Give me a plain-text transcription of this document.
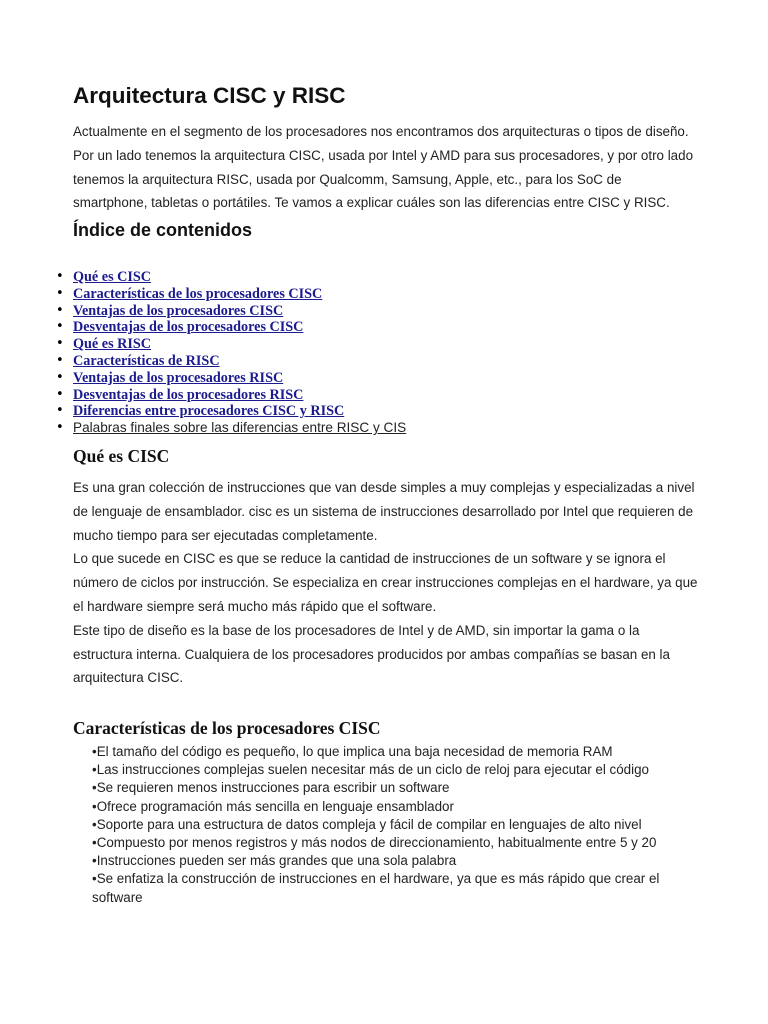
Arquitectura CISC y RISC

Actualmente en el segmento de los procesadores nos encontramos dos arquitecturas o tipos de diseño. Por un lado tenemos la arquitectura CISC, usada por Intel y AMD para sus procesadores, y por otro lado tenemos la arquitectura RISC, usada por Qualcomm, Samsung, Apple, etc., para los SoC de smartphone, tabletas o portátiles. Te vamos a explicar cuáles son las diferencias entre CISC y RISC.

Índice de contenidos
• Qué es CISC
• Características de los procesadores CISC
• Ventajas de los procesadores CISC
• Desventajas de los procesadores CISC
• Qué es RISC
• Características de RISC
• Ventajas de los procesadores RISC
• Desventajas de los procesadores RISC
• Diferencias entre procesadores CISC y RISC
• Palabras finales sobre las diferencias entre RISC y CIS
Qué es CISC

Es una gran colección de instrucciones que van desde simples a muy complejas y especializadas a nivel de lenguaje de ensamblador. cisc es un sistema de instrucciones desarrollado por Intel que requieren de mucho tiempo para ser ejecutadas completamente.

Lo que sucede en CISC es que se reduce la cantidad de instrucciones de un software y se ignora el número de ciclos por instrucción. Se especializa en crear instrucciones complejas en el hardware, ya que el hardware siempre será mucho más rápido que el software.

Este tipo de diseño es la base de los procesadores de Intel y de AMD, sin importar la gama o la estructura interna. Cualquiera de los procesadores producidos por ambas compañías se basan en la arquitectura CISC.

Características de los procesadores CISC
•El tamaño del código es pequeño, lo que implica una baja necesidad de memoria RAM
•Las instrucciones complejas suelen necesitar más de un ciclo de reloj para ejecutar el código
•Se requieren menos instrucciones para escribir un software
•Ofrece programación más sencilla en lenguaje ensamblador
•Soporte para una estructura de datos compleja y fácil de compilar en lenguajes de alto nivel
•Compuesto por menos registros y más nodos de direccionamiento, habitualmente entre 5 y 20
•Instrucciones pueden ser más grandes que una sola palabra
•Se enfatiza la construcción de instrucciones en el hardware, ya que es más rápido que crear el software
